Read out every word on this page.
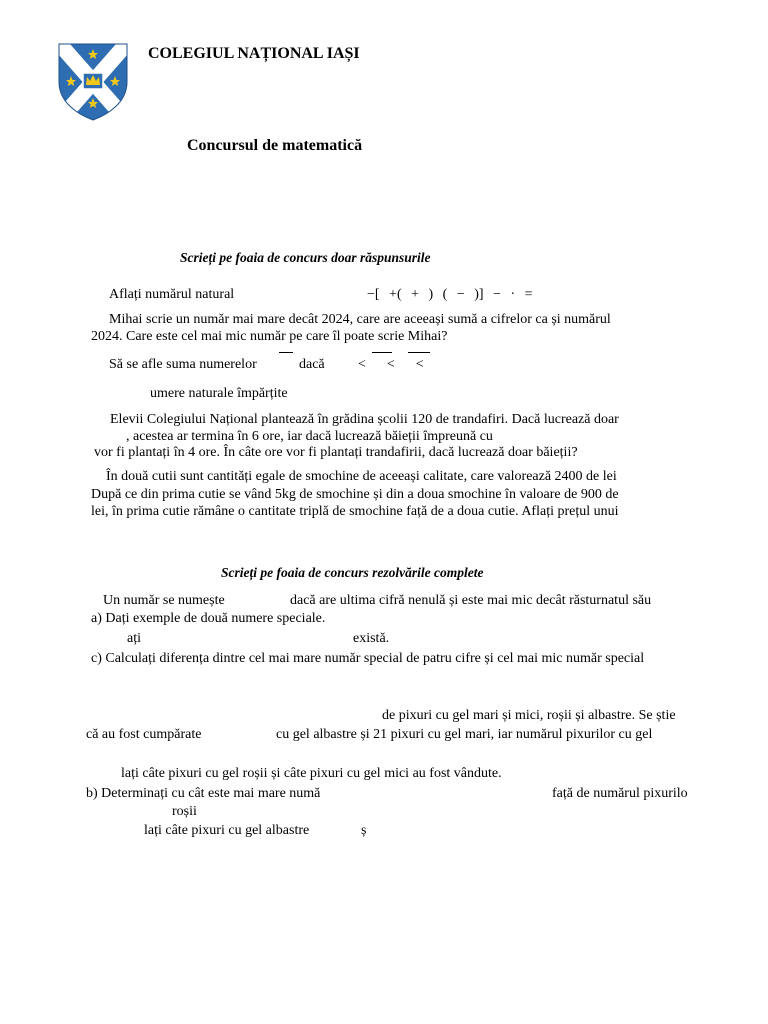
COLEGIUL NAȚIONAL IAȘI
Concursul de matematică
Scrieți pe foaia de concurs doar răspunsurile
Aflați numărul natural	−[ +( + ) ( − )] − · =
Mihai scrie un număr mai mare decât 2024, care are aceeași sumă a cifrelor ca și numărul
2024. Care este cel mai mic număr pe care îl poate scrie Mihai?
Să se afle suma numerelor	dacă <      <      <
umere naturale împărțite
Elevii Colegiului Național plantează în grădina școlii 120 de trandafiri. Dacă lucrează doar
, acestea ar termina în 6 ore, iar dacă lucrează băieții împreună cu
vor fi plantați în 4 ore. În câte ore vor fi plantați trandafirii, dacă lucrează doar băieții?
În două cutii sunt cantități egale de smochine de aceeași calitate, care valorează 2400 de lei
După ce din prima cutie se vând 5kg de smochine și din a doua smochine în valoare de 900 de
lei, în prima cutie rămâne o cantitate triplă de smochine față de a doua cutie. Aflați prețul unui
Scrieți pe foaia de concurs rezolvările complete
Un număr se numește	dacă are ultima cifră nenulă și este mai mic decât răsturnatul său
a) Dați exemple de două numere speciale.
ați	există.
c) Calculați diferența dintre cel mai mare număr special de patru cifre și cel mai mic număr special
de pixuri cu gel mari și mici, roșii și albastre. Se știe
că au fost cumpărate	cu gel albastre și 21 pixuri cu gel mari, iar numărul pixurilor cu gel
lați câte pixuri cu gel roșii și câte pixuri cu gel mici au fost vândute.
b) Determinați cu cât este mai mare numă	față de numărul pixurilo
roșii
lați câte pixuri cu gel albastre	ș
